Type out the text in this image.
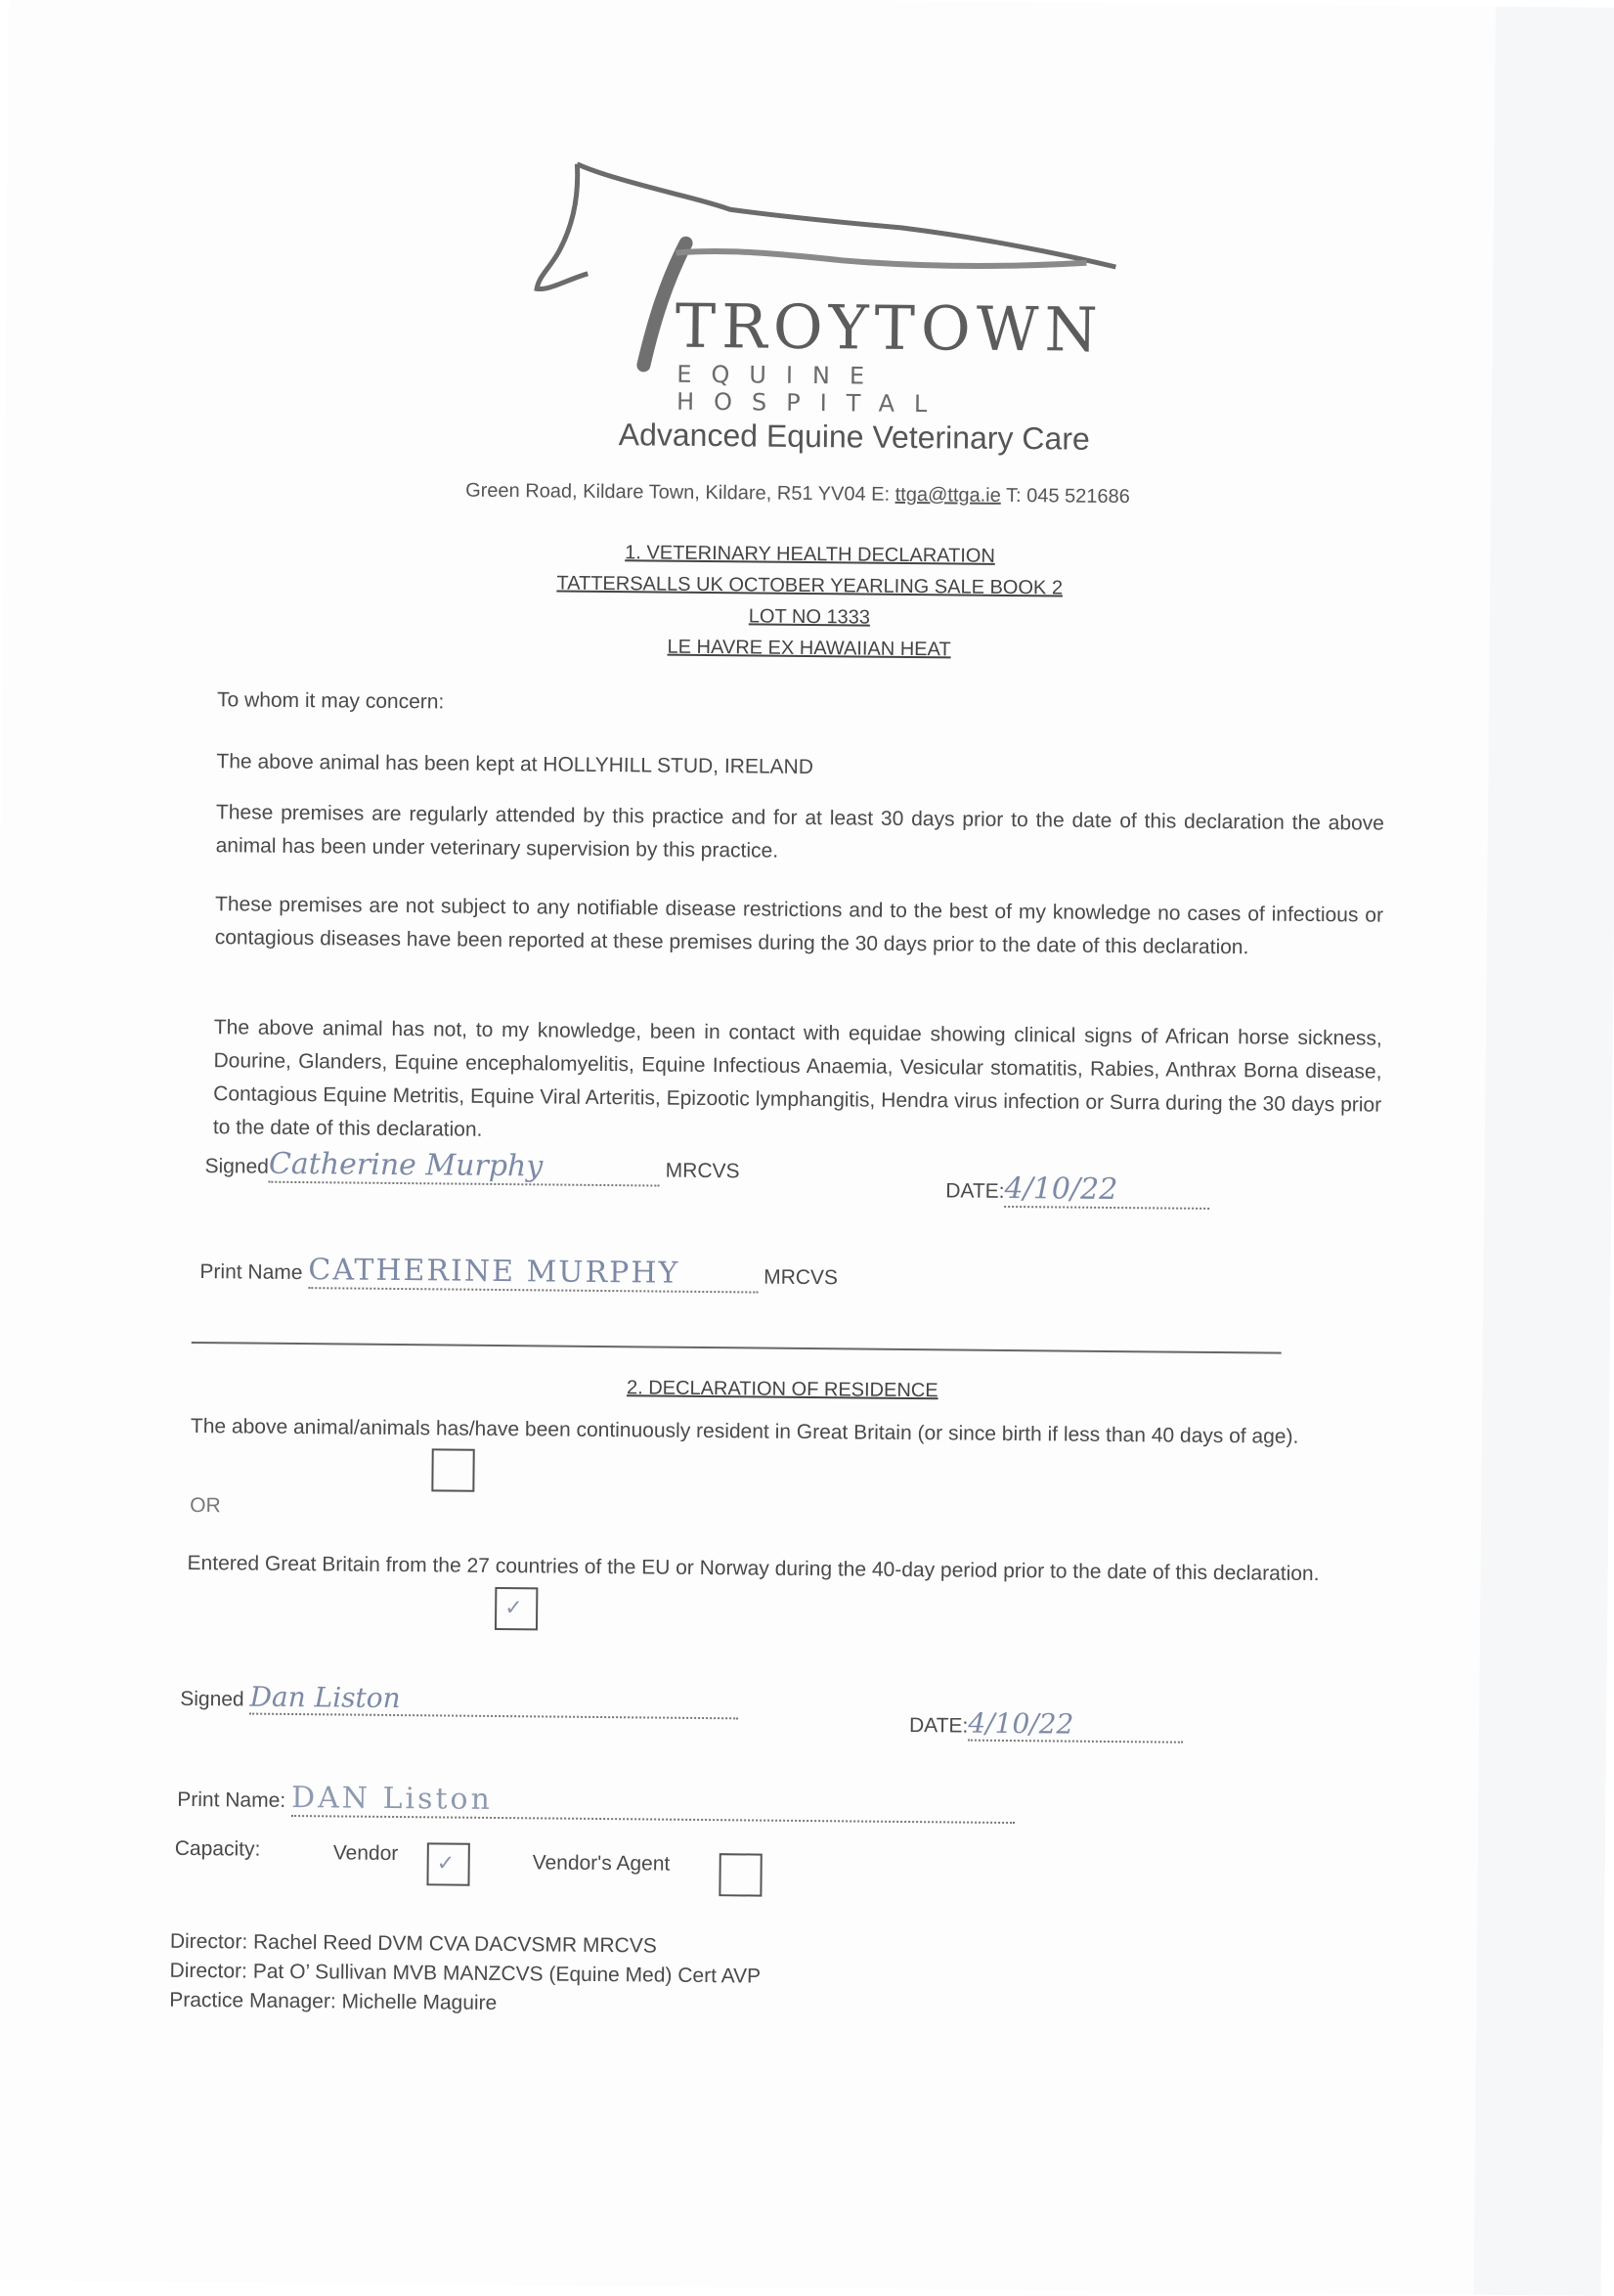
TROYTOWN
EQUINE HOSPITAL
Advanced Equine Veterinary Care
Green Road, Kildare Town, Kildare, R51 YV04 E: ttga@ttga.ie T: 045 521686
1. VETERINARY HEALTH DECLARATION
TATTERSALLS UK OCTOBER YEARLING SALE BOOK 2
LOT NO 1333
LE HAVRE EX HAWAIIAN HEAT

To whom it may concern:

The above animal has been kept at HOLLYHILL STUD, IRELAND

These premises are regularly attended by this practice and for at least 30 days prior to the date of this declaration the above animal has been under veterinary supervision by this practice.

These premises are not subject to any notifiable disease restrictions and to the best of my knowledge no cases of infectious or contagious diseases have been reported at these premises during the 30 days prior to the date of this declaration.

The above animal has not, to my knowledge, been in contact with equidae showing clinical signs of African horse sickness, Dourine, Glanders, Equine encephalomyelitis, Equine Infectious Anaemia, Vesicular stomatitis, Rabies, Anthrax Borna disease, Contagious Equine Metritis, Equine Viral Arteritis, Epizootic lymphangitis, Hendra virus infection or Surra during the 30 days prior to the date of this declaration.

SignedCatherine Murphy	MRCVS
DATE:4/10/22
Print Name CATHERINE MURPHY	MRCVS
2. DECLARATION OF RESIDENCE

The above animal/animals has/have been continuously resident in Great Britain (or since birth if less than 40 days of age).

OR

Entered Great Britain from the 27 countries of the EU or Norway during the 40-day period prior to the date of this declaration.

✓
Signed Dan Liston
DATE:4/10/22
Print Name: DAN Liston
Capacity:	Vendor ✓	Vendor's Agent
Director: Rachel Reed DVM CVA DACVSMR MRCVS
Director: Pat O’ Sullivan MVB MANZCVS (Equine Med) Cert AVP
Practice Manager: Michelle Maguire
